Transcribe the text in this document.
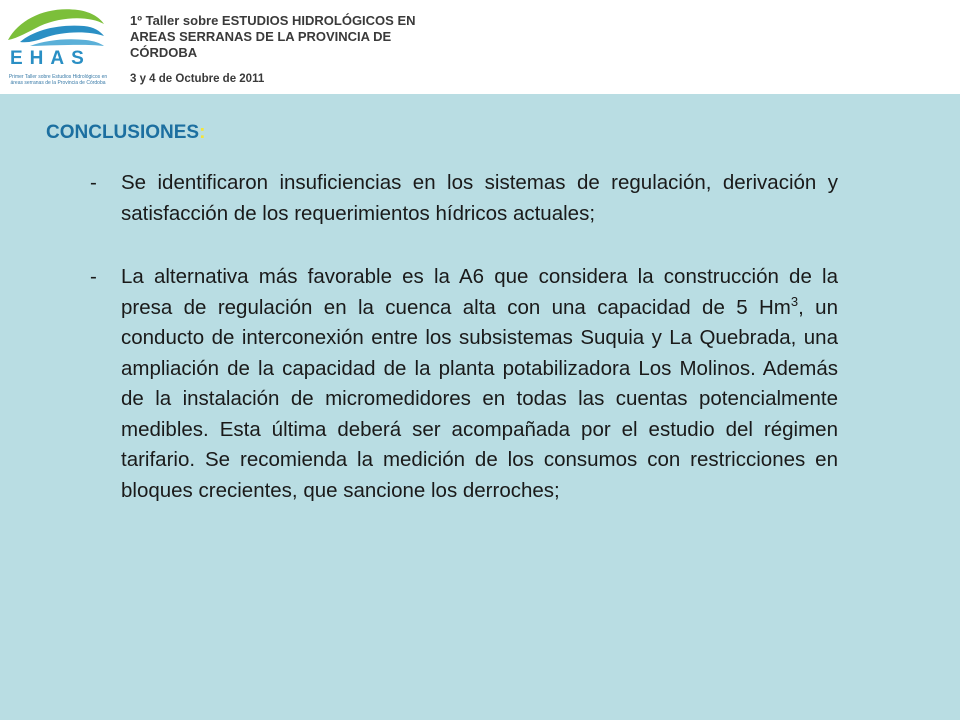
EHAS
Primer Taller sobre Estudios Hidrológicos en áreas serranas de la Provincia de Córdoba

1º Taller sobre ESTUDIOS HIDROLÓGICOS EN

AREAS SERRANAS DE LA PROVINCIA DE

CÓRDOBA

3 y 4 de Octubre de 2011

CONCLUSIONES:
-	Se identificaron insuficiencias en los sistemas de regulación, derivación y satisfacción de los requerimientos hídricos actuales;
-	La alternativa más favorable es la A6 que considera la construcción de la presa de regulación en la cuenca alta con una capacidad de 5 Hm$^3$, un conducto de interconexión entre los subsistemas Suquia y La Quebrada, una ampliación de la capacidad de la planta potabilizadora Los Molinos. Además de la instalación de micromedidores en todas las cuentas potencialmente medibles. Esta última deberá ser acompañada por el estudio del régimen tarifario. Se recomienda la medición de los consumos con restricciones en bloques crecientes, que sancione los derroches;
